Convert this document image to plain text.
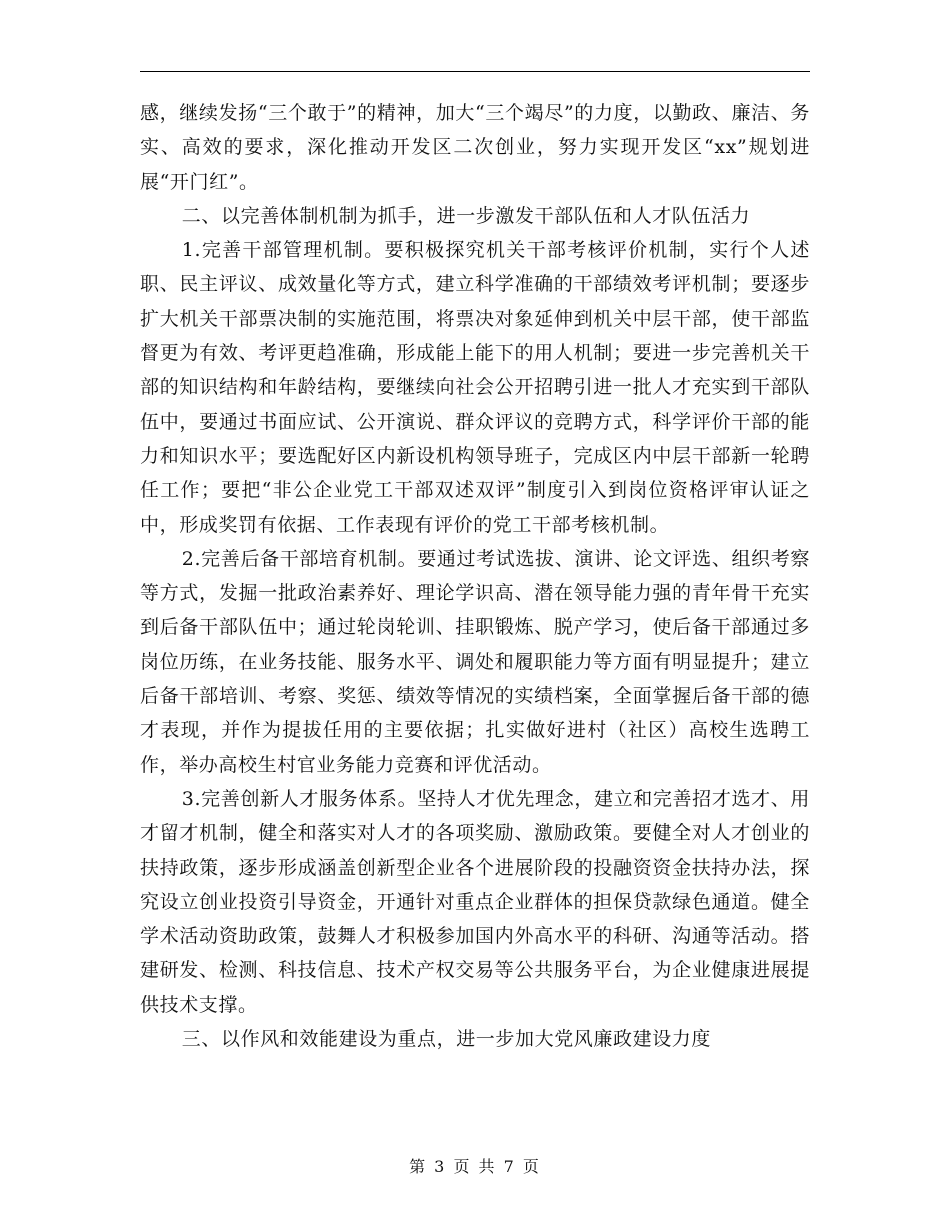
感，继续发扬“三个敢于”的精神，加大“三个竭尽”的力度，以勤政、廉洁、务实、高效的要求，深化推动开发区二次创业，努力实现开发区“xx”规划进展“开门红”。

二、以完善体制机制为抓手，进一步激发干部队伍和人才队伍活力

1.完善干部管理机制。要积极探究机关干部考核评价机制，实行个人述职、民主评议、成效量化等方式，建立科学准确的干部绩效考评机制；要逐步扩大机关干部票决制的实施范围，将票决对象延伸到机关中层干部，使干部监督更为有效、考评更趋准确，形成能上能下的用人机制；要进一步完善机关干部的知识结构和年龄结构，要继续向社会公开招聘引进一批人才充实到干部队伍中，要通过书面应试、公开演说、群众评议的竞聘方式，科学评价干部的能力和知识水平；要选配好区内新设机构领导班子，完成区内中层干部新一轮聘任工作；要把“非公企业党工干部双述双评”制度引入到岗位资格评审认证之中，形成奖罚有依据、工作表现有评价的党工干部考核机制。

2.完善后备干部培育机制。要通过考试选拔、演讲、论文评选、组织考察等方式，发掘一批政治素养好、理论学识高、潜在领导能力强的青年骨干充实到后备干部队伍中；通过轮岗轮训、挂职锻炼、脱产学习，使后备干部通过多岗位历练，在业务技能、服务水平、调处和履职能力等方面有明显提升；建立后备干部培训、考察、奖惩、绩效等情况的实绩档案，全面掌握后备干部的德才表现，并作为提拔任用的主要依据；扎实做好进村（社区）高校生选聘工作，举办高校生村官业务能力竞赛和评优活动。

3.完善创新人才服务体系。坚持人才优先理念，建立和完善招才选才、用才留才机制，健全和落实对人才的各项奖励、激励政策。要健全对人才创业的扶持政策，逐步形成涵盖创新型企业各个进展阶段的投融资资金扶持办法，探究设立创业投资引导资金，开通针对重点企业群体的担保贷款绿色通道。健全学术活动资助政策，鼓舞人才积极参加国内外高水平的科研、沟通等活动。搭建研发、检测、科技信息、技术产权交易等公共服务平台，为企业健康进展提供技术支撑。

三、以作风和效能建设为重点，进一步加大党风廉政建设力度

第 3 页 共 7 页
